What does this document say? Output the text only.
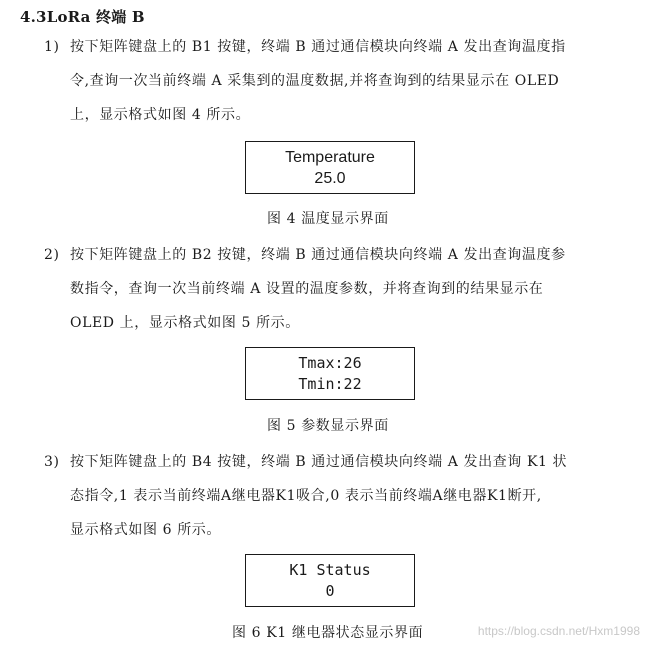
4.3LoRa 终端 B
1) 按下矩阵键盘上的 B1 按键，终端 B 通过通信模块向终端 A 发出查询温度指
令,查询一次当前终端 A 采集到的温度数据,并将查询到的结果显示在 OLED
上，显示格式如图 4 所示。
Temperature
25.0
图 4 温度显示界面
2) 按下矩阵键盘上的 B2 按键，终端 B 通过通信模块向终端 A 发出查询温度参
数指令，查询一次当前终端 A 设置的温度参数，并将查询到的结果显示在
OLED 上，显示格式如图 5 所示。
Tmax:26
Tmin:22
图 5 参数显示界面
3) 按下矩阵键盘上的 B4 按键，终端 B 通过通信模块向终端 A 发出查询 K1 状
态指令,1 表示当前终端A继电器K1吸合,0 表示当前终端A继电器K1断开,
显示格式如图 6 所示。
K1 Status
0
图 6 K1 继电器状态显示界面	https://blog.csdn.net/Hxm1998
